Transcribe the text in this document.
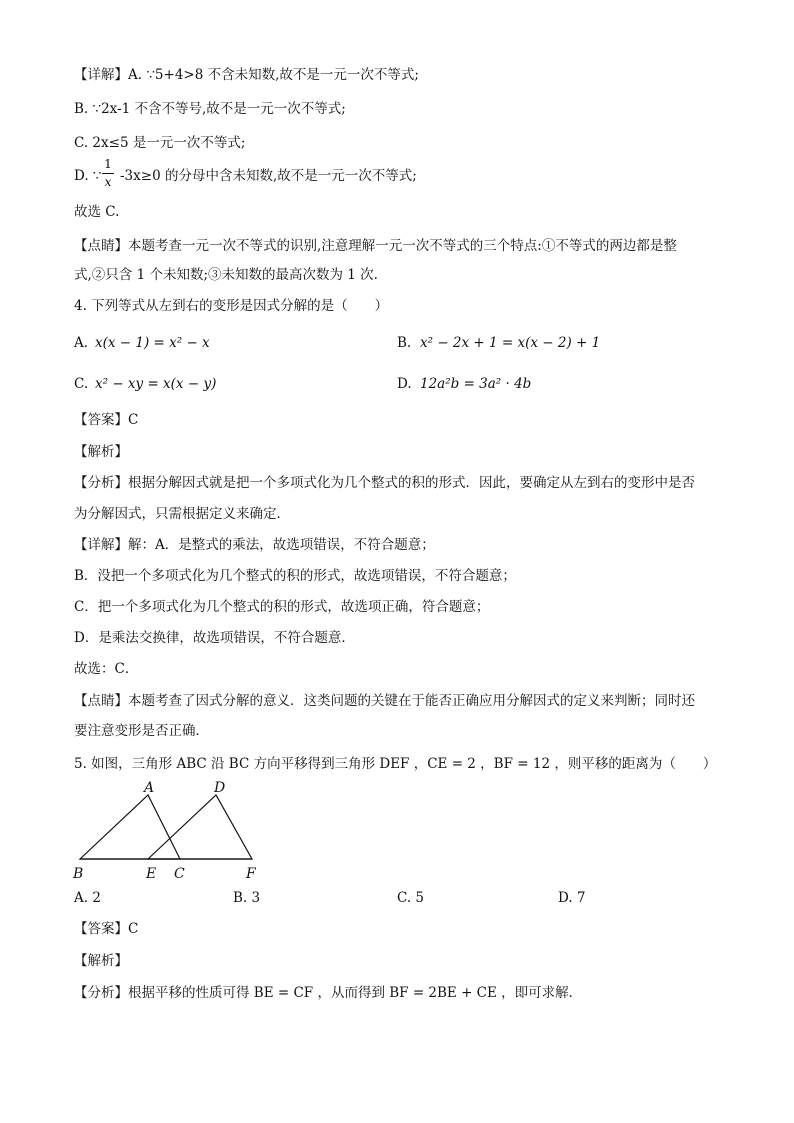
【详解】A. ∵5+4>8 不含未知数,故不是一元一次不等式;
B. ∵2x-1 不含不等号,故不是一元一次不等式;
C. 2x≤5 是一元一次不等式;
D. ∵
1
x -3x≥0 的分母中含未知数,故不是一元一次不等式;
故选 C.
【点睛】本题考查一元一次不等式的识别,注意理解一元一次不等式的三个特点:①不等式的两边都是整
式,②只含 1 个未知数;③未知数的最高次数为 1 次.
4. 下列等式从左到右的变形是因式分解的是（　　）
A. x(x − 1) = x² − x	B. x² − 2x + 1 = x(x − 2) + 1
C. x² − xy = x(x − y)	D. 12a²b = 3a² · 4b
【答案】C
【解析】
【分析】根据分解因式就是把一个多项式化为几个整式的积的形式．因此，要确定从左到右的变形中是否
为分解因式，只需根据定义来确定．
【详解】解：A．是整式的乘法，故选项错误，不符合题意；
B．没把一个多项式化为几个整式的积的形式，故选项错误，不符合题意；
C．把一个多项式化为几个整式的积的形式，故选项正确，符合题意；
D．是乘法交换律，故选项错误，不符合题意．
故选：C．
【点睛】本题考查了因式分解的意义．这类问题的关键在于能否正确应用分解因式的定义来判断；同时还
要注意变形是否正确．
5. 如图，三角形 ABC 沿 BC 方向平移得到三角形 DEF ，CE = 2 ，BF = 12 ，则平移的距离为（　　）
A	D
B	E C	F
A. 2	B. 3	C. 5	D. 7
【答案】C
【解析】
【分析】根据平移的性质可得 BE = CF ，从而得到 BF = 2BE + CE ，即可求解．
